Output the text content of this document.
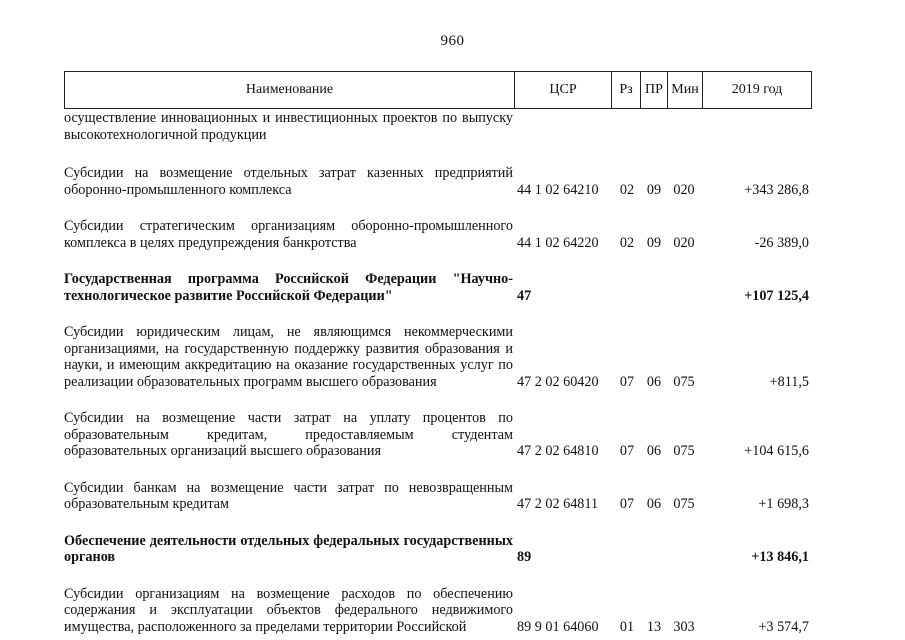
960
Наименование	ЦСР	Рз	ПР	Мин	2019 год
осуществление инновационных и инвестиционных проектов по выпуску высокотехнологичной продукции					

Субсидии на возмещение отдельных затрат казенных предприятий оборонно-промышленного комплекса	44 1 02 64210	02	09	020	+343 286,8

Субсидии стратегическим организациям оборонно-промышленного комплекса в целях предупреждения банкротства	44 1 02 64220	02	09	020	-26 389,0

Государственная программа Российской Федерации "Научно-технологическое развитие Российской Федерации"	47				+107 125,4

Субсидии юридическим лицам, не являющимся некоммерческими организациями, на государственную поддержку развития образования и науки, и имеющим аккредитацию на оказание государственных услуг по реализации образовательных программ высшего образования	47 2 02 60420	07	06	075	+811,5

Субсидии на возмещение части затрат на уплату процентов по образовательным кредитам, предоставляемым студентам образовательных организаций высшего образования	47 2 02 64810	07	06	075	+104 615,6

Субсидии банкам на возмещение части затрат по невозвращенным образовательным кредитам	47 2 02 64811	07	06	075	+1 698,3

Обеспечение деятельности отдельных федеральных государственных органов	89				+13 846,1

Субсидии организациям на возмещение расходов по обеспечению содержания и эксплуатации объектов федерального недвижимого имущества, расположенного за пределами территории Российской	89 9 01 64060	01	13	303	+3 574,7
